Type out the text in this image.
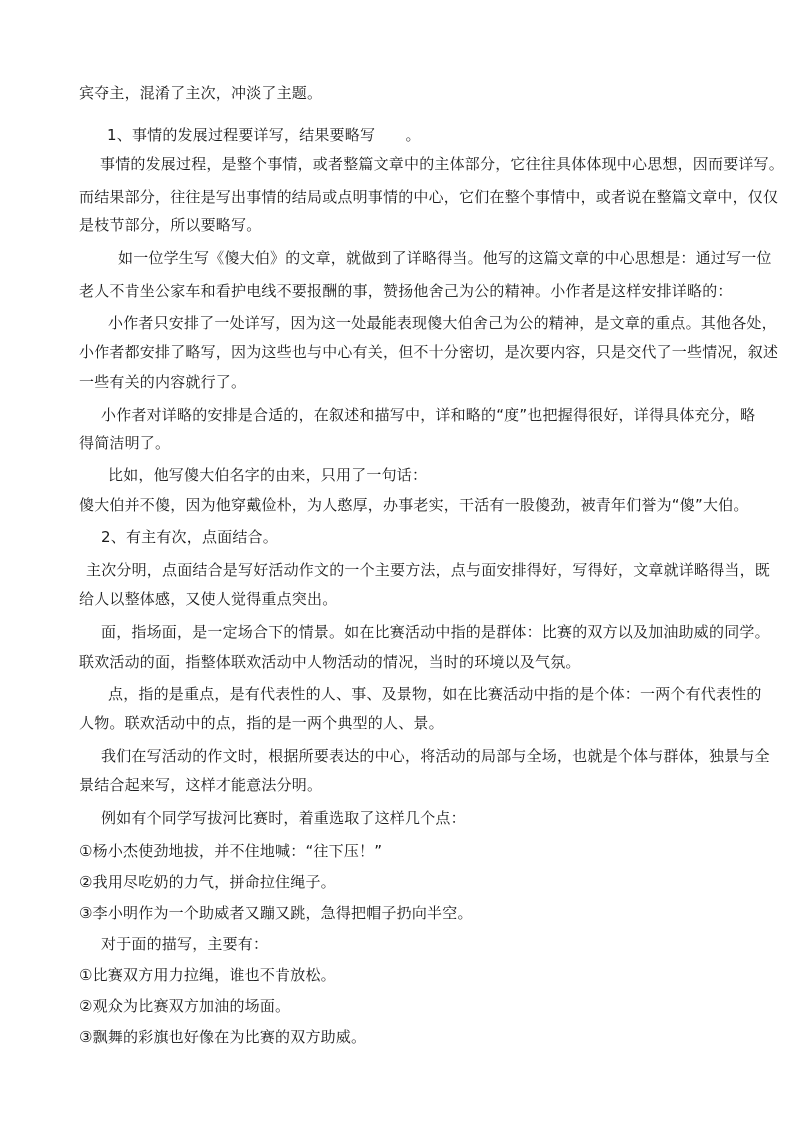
宾夺主，混淆了主次，冲淡了主题。

1、事情的发展过程要详写，结果要略写　　。

事情的发展过程，是整个事情，或者整篇文章中的主体部分，它往往具体体现中心思想，因而要详写。

而结果部分，往往是写出事情的结局或点明事情的中心，它们在整个事情中，或者说在整篇文章中，仅仅

是枝节部分，所以要略写。

如一位学生写《傻大伯》的文章，就做到了详略得当。他写的这篇文章的中心思想是：通过写一位

老人不肯坐公家车和看护电线不要报酬的事，赞扬他舍己为公的精神。小作者是这样安排详略的：

小作者只安排了一处详写，因为这一处最能表现傻大伯舍己为公的精神，是文章的重点。其他各处，

小作者都安排了略写，因为这些也与中心有关，但不十分密切，是次要内容，只是交代了一些情况，叙述

一些有关的内容就行了。

小作者对详略的安排是合适的，在叙述和描写中，详和略的“度”也把握得很好，详得具体充分，略

得简洁明了。

比如，他写傻大伯名字的由来，只用了一句话：

傻大伯并不傻，因为他穿戴俭朴，为人憨厚，办事老实，干活有一股傻劲，被青年们誉为“傻”大伯。

2、有主有次，点面结合。

主次分明，点面结合是写好活动作文的一个主要方法，点与面安排得好，写得好，文章就详略得当，既

给人以整体感，又使人觉得重点突出。

面，指场面，是一定场合下的情景。如在比赛活动中指的是群体：比赛的双方以及加油助威的同学。

联欢活动的面，指整体联欢活动中人物活动的情况，当时的环境以及气氛。

点，指的是重点，是有代表性的人、事、及景物，如在比赛活动中指的是个体：一两个有代表性的

人物。联欢活动中的点，指的是一两个典型的人、景。

我们在写活动的作文时，根据所要表达的中心，将活动的局部与全场，也就是个体与群体，独景与全

景结合起来写，这样才能意法分明。

例如有个同学写拔河比赛时，着重选取了这样几个点：

①杨小杰使劲地拔，并不住地喊：“往下压！”

②我用尽吃奶的力气，拼命拉住绳子。

③李小明作为一个助威者又蹦又跳，急得把帽子扔向半空。

对于面的描写，主要有：

①比赛双方用力拉绳，谁也不肯放松。

②观众为比赛双方加油的场面。

③飘舞的彩旗也好像在为比赛的双方助威。
